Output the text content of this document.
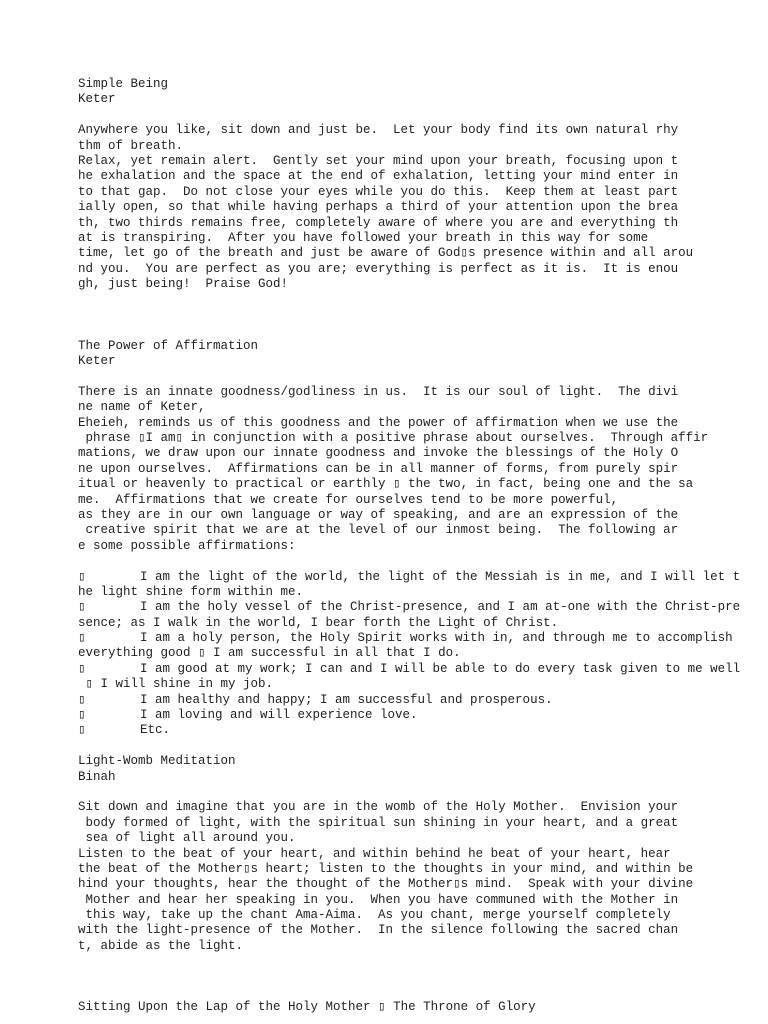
Simple Being
Keter
Anywhere you like, sit down and just be.  Let your body find its own natural rhy
thm of breath.
Relax, yet remain alert.  Gently set your mind upon your breath, focusing upon t
he exhalation and the space at the end of exhalation, letting your mind enter in
to that gap.  Do not close your eyes while you do this.  Keep them at least part
ially open, so that while having perhaps a third of your attention upon the brea
th, two thirds remains free, completely aware of where you are and everything th
at is transpiring.  After you have followed your breath in this way for some
time, let go of the breath and just be aware of God▯s presence within and all arou
nd you.  You are perfect as you are; everything is perfect as it is.  It is enou
gh, just being!  Praise God!
The Power of Affirmation
Keter
There is an innate goodness/godliness in us.  It is our soul of light.  The divi
ne name of Keter,
Eheieh, reminds us of this goodness and the power of affirmation when we use the
phrase ▯I am▯ in conjunction with a positive phrase about ourselves.  Through affir
mations, we draw upon our innate goodness and invoke the blessings of the Holy O
ne upon ourselves.  Affirmations can be in all manner of forms, from purely spir
itual or heavenly to practical or earthly ▯ the two, in fact, being one and the sa
me.  Affirmations that we create for ourselves tend to be more powerful,
as they are in our own language or way of speaking, and are an expression of the
creative spirit that we are at the level of our inmost being.  The following ar
e some possible affirmations:
▯	I am the light of the world, the light of the Messiah is in me, and I will let t
he light shine form within me.
▯	I am the holy vessel of the Christ-presence, and I am at-one with the Christ-pre
sence; as I walk in the world, I bear forth the Light of Christ.
▯	I am a holy person, the Holy Spirit works with in, and through me to accomplish
everything good ▯ I am successful in all that I do.
▯	I am good at my work; I can and I will be able to do every task given to me well
▯ I will shine in my job.
▯	I am healthy and happy; I am successful and prosperous.
▯	I am loving and will experience love.
▯	Etc.
Light-Womb Meditation
Binah
Sit down and imagine that you are in the womb of the Holy Mother.  Envision your
body formed of light, with the spiritual sun shining in your heart, and a great
sea of light all around you.
Listen to the beat of your heart, and within behind he beat of your heart, hear
the beat of the Mother▯s heart; listen to the thoughts in your mind, and within be
hind your thoughts, hear the thought of the Mother▯s mind.  Speak with your divine
Mother and hear her speaking in you.  When you have communed with the Mother in
this way, take up the chant Ama-Aima.  As you chant, merge yourself completely
with the light-presence of the Mother.  In the silence following the sacred chan
t, abide as the light.
Sitting Upon the Lap of the Holy Mother ▯ The Throne of Glory
